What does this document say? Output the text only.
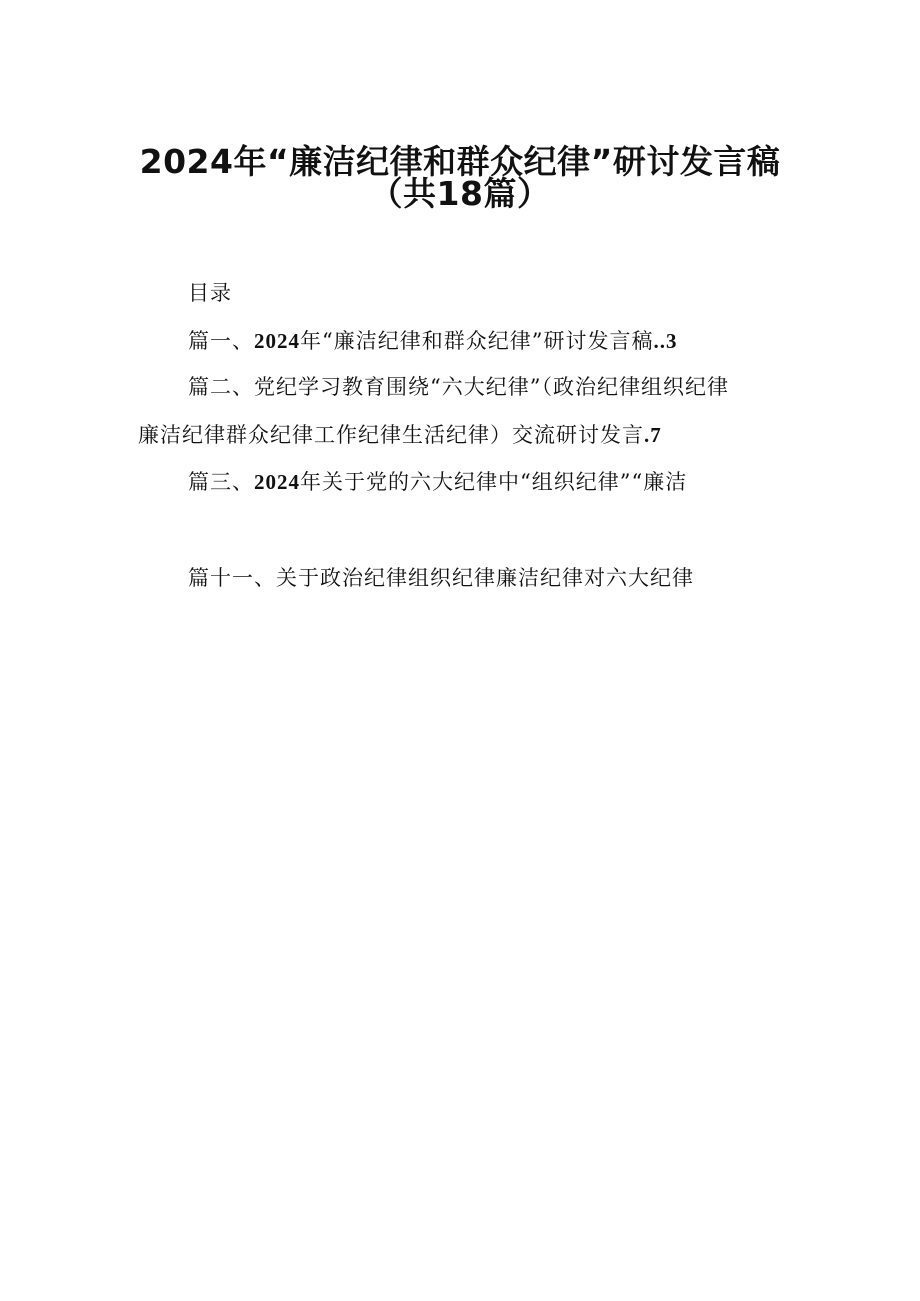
2024年“廉洁纪律和群众纪律”研讨发言稿
（共18篇）
目录
篇一、2024年“廉洁纪律和群众纪律”研讨发言稿..3
篇二、党纪学习教育围绕“六大纪律”（政治纪律组织纪律
廉洁纪律群众纪律工作纪律生活纪律）交流研讨发言.7
篇三、2024年关于党的六大纪律中“组织纪律”“廉洁
篇十一、关于政治纪律组织纪律廉洁纪律对六大纪律
